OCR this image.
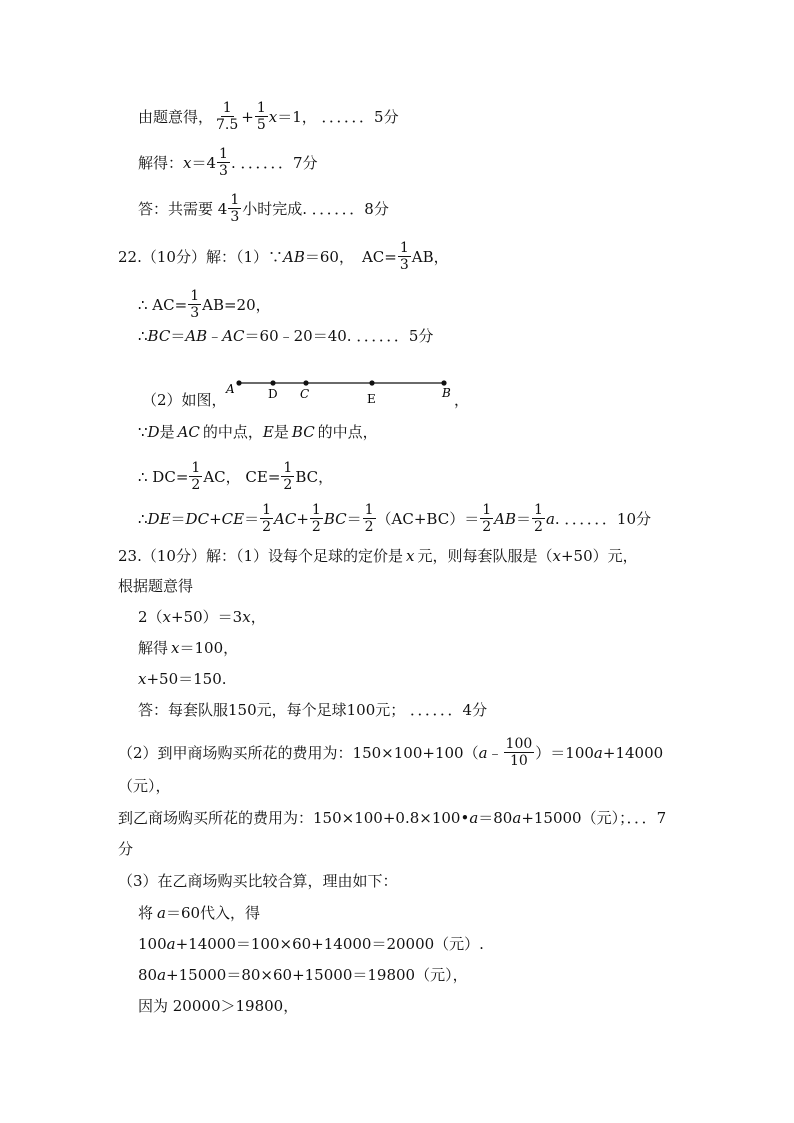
由题意得， $\frac{1}{7.5} + \frac{1}{5}$ x ＝1， ．．．．．．5分
解得： $x =4 \frac{1}{3}$ . ．．．．．．7分
答：共需要 $4 \frac{1}{3}$ 小时完成. ．．．．．．8分
22.（10分）解：（1）∵ AB ＝60， $AC= \frac{1}{3}$ AB，
∴ $AC= \frac{1}{3} AB=20$，
∴ BC ＝ AB ﹣ AC ＝60﹣20＝40. ．．．．．．5分
（2）如图，
A	D C	E	B ，
∵ D 是 AC 的中点， E 是 BC 的中点，
∴ $DC= \frac{1}{2}$ AC， $CE= \frac{1}{2}$ BC，
∴ DE ＝ DC + CE ＝ $\frac{1}{2}$ AC + $\frac{1}{2}$ BC ＝ $\frac{1}{2} (AC+BC)= \frac{1}{2}$ AB ＝ $\frac{1}{2}$ a . ．．．．．．10分
23.（10分）解：（1）设每个足球的定价是 x 元，则每套队服是（ x +50）元，
根据题意得
2（ x +50）＝3 x ，
解得 x ＝100，
x +50＝150.
答：每套队服150元，每个足球100元； ．．．．．．4分
（2）到甲商场购买所花的费用为：150×100+100（ a ﹣ $\frac{100}{10} )=100$ a +14000
（元），
到乙商场购买所花的费用为：150×100+0.8×100• a ＝80 a +15000（元）；．．．7
分
（3）在乙商场购买比较合算，理由如下：
将 a ＝60代入，得
100 a +14000＝100×60+14000＝20000（元）.
80 a +15000＝80×60+15000＝19800（元），
因为 20000＞19800，
